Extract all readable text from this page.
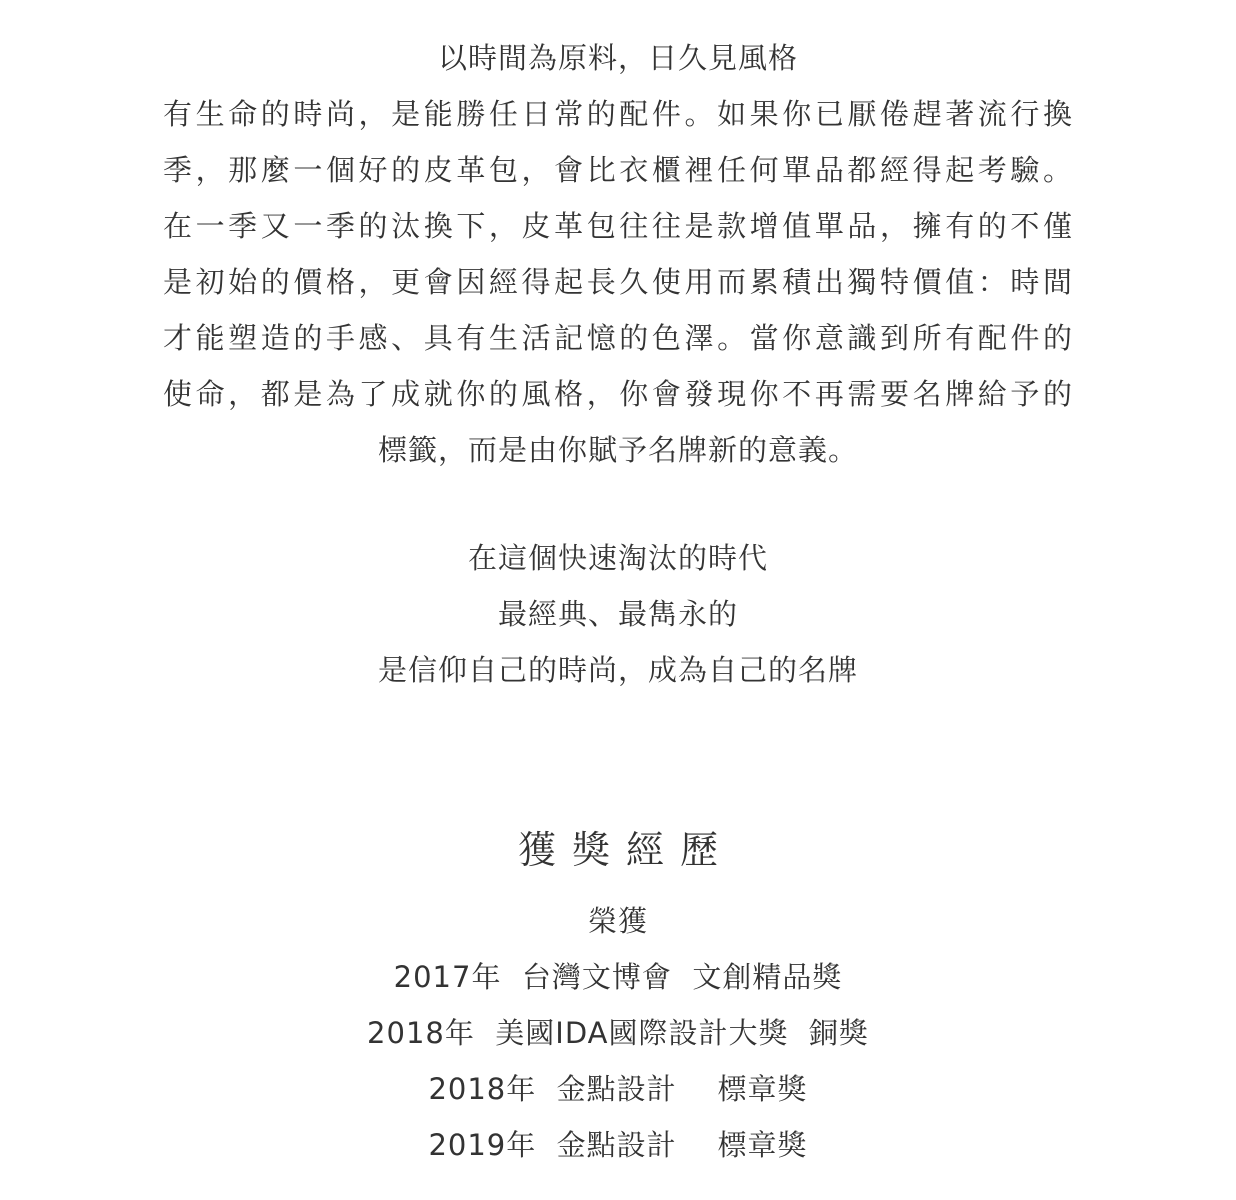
以時間為原料，日久見風格
有生命的時尚，是能勝任日常的配件。如果你已厭倦趕著流行換
季，那麼一個好的皮革包，會比衣櫃裡任何單品都經得起考驗。
在一季又一季的汰換下，皮革包往往是款增值單品，擁有的不僅
是初始的價格，更會因經得起長久使用而累積出獨特價值：時間
才能塑造的手感、具有生活記憶的色澤。當你意識到所有配件的
使命，都是為了成就你的風格，你會發現你不再需要名牌給予的
標籤，而是由你賦予名牌新的意義。
在這個快速淘汰的時代
最經典、最雋永的
是信仰自己的時尚，成為自己的名牌
獲獎經歷
榮獲
2017年  台灣文博會  文創精品獎
2018年  美國IDA國際設計大獎  銅獎
2018年  金點設計    標章獎
2019年  金點設計    標章獎
